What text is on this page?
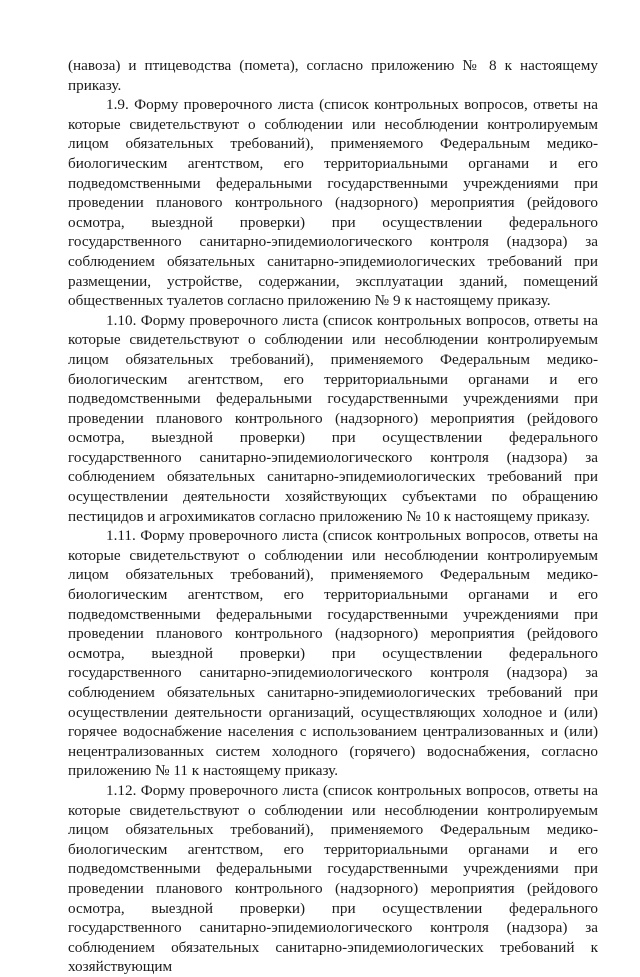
(навоза) и птицеводства (помета), согласно приложению № 8 к настоящему приказу.

1.9. Форму проверочного листа (список контрольных вопросов, ответы на которые свидетельствуют о соблюдении или несоблюдении контролируемым лицом обязательных требований), применяемого Федеральным медико-биологическим агентством, его территориальными органами и его подведомственными федеральными государственными учреждениями при проведении планового контрольного (надзорного) мероприятия (рейдового осмотра, выездной проверки) при осуществлении федерального государственного санитарно-эпидемиологического контроля (надзора) за соблюдением обязательных санитарно-эпидемиологических требований при размещении, устройстве, содержании, эксплуатации зданий, помещений общественных туалетов согласно приложению № 9 к настоящему приказу.

1.10. Форму проверочного листа (список контрольных вопросов, ответы на которые свидетельствуют о соблюдении или несоблюдении контролируемым лицом обязательных требований), применяемого Федеральным медико-биологическим агентством, его территориальными органами и его подведомственными федеральными государственными учреждениями при проведении планового контрольного (надзорного) мероприятия (рейдового осмотра, выездной проверки) при осуществлении федерального государственного санитарно-эпидемиологического контроля (надзора) за соблюдением обязательных санитарно-эпидемиологических требований при осуществлении деятельности хозяйствующих субъектами по обращению пестицидов и агрохимикатов согласно приложению № 10 к настоящему приказу.

1.11. Форму проверочного листа (список контрольных вопросов, ответы на которые свидетельствуют о соблюдении или несоблюдении контролируемым лицом обязательных требований), применяемого Федеральным медико-биологическим агентством, его территориальными органами и его подведомственными федеральными государственными учреждениями при проведении планового контрольного (надзорного) мероприятия (рейдового осмотра, выездной проверки) при осуществлении федерального государственного санитарно-эпидемиологического контроля (надзора) за соблюдением обязательных санитарно-эпидемиологических требований при осуществлении деятельности организаций, осуществляющих холодное и (или) горячее водоснабжение населения с использованием централизованных и (или) нецентрализованных систем холодного (горячего) водоснабжения, согласно приложению № 11 к настоящему приказу.

1.12. Форму проверочного листа (список контрольных вопросов, ответы на которые свидетельствуют о соблюдении или несоблюдении контролируемым лицом обязательных требований), применяемого Федеральным медико-биологическим агентством, его территориальными органами и его подведомственными федеральными государственными учреждениями при проведении планового контрольного (надзорного) мероприятия (рейдового осмотра, выездной проверки) при осуществлении федерального государственного санитарно-эпидемиологического контроля (надзора) за соблюдением обязательных санитарно-эпидемиологических требований к хозяйствующим
